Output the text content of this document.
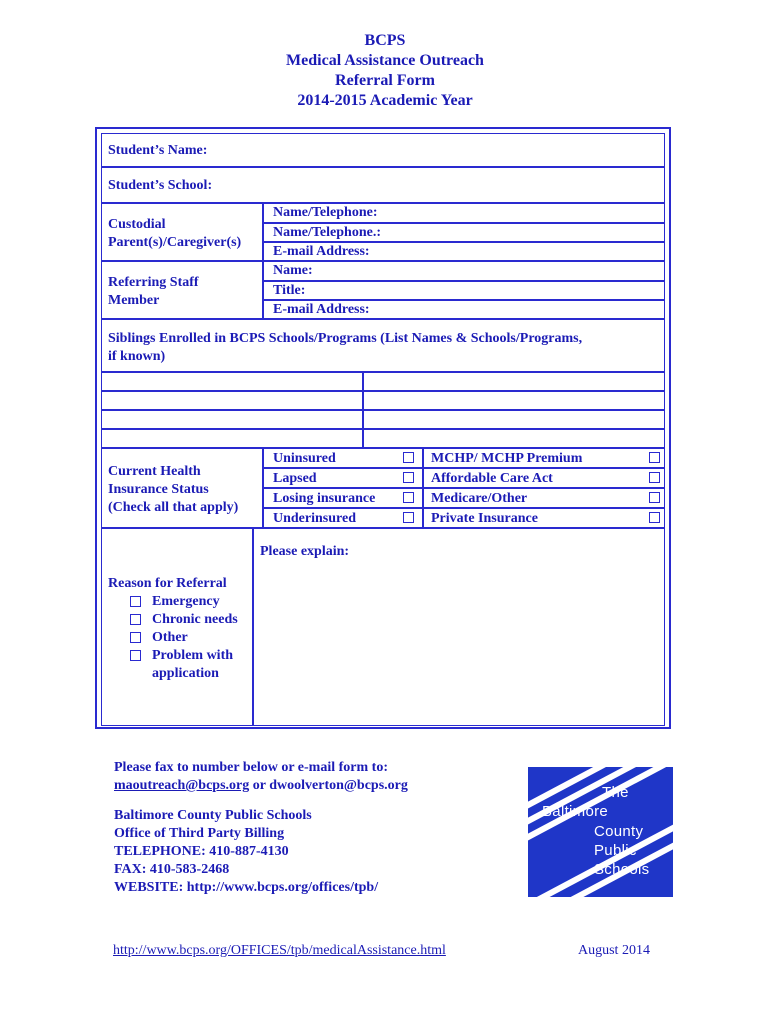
BCPS
Medical Assistance Outreach
Referral Form
2014-2015 Academic Year
Student’s Name:
Student’s School:
Custodial
Parent(s)/Caregiver(s)
Name/Telephone:
Name/Telephone.:
E-mail Address:
Referring Staff
Member
Name:
Title:
E-mail Address:
Siblings Enrolled in BCPS Schools/Programs (List Names & Schools/Programs,
if known)
Current Health
Insurance Status
(Check all that apply)
Uninsured
Lapsed
Losing insurance
Underinsured
MCHP/ MCHP Premium
Affordable Care Act
Medicare/Other
Private Insurance
Reason for Referral
Emergency
Chronic needs
Other
Problem with
application
Please explain:
Please fax to number below or e-mail form to:
maoutreach@bcps.org or dwoolverton@bcps.org
Baltimore County Public Schools
Office of Third Party Billing
TELEPHONE: 410-887-4130
FAX: 410-583-2468
WEBSITE: http://www.bcps.org/offices/tpb/
The
Baltimore
County
Public
Schools
http://www.bcps.org/OFFICES/tpb/medicalAssistance.html	August 2014
